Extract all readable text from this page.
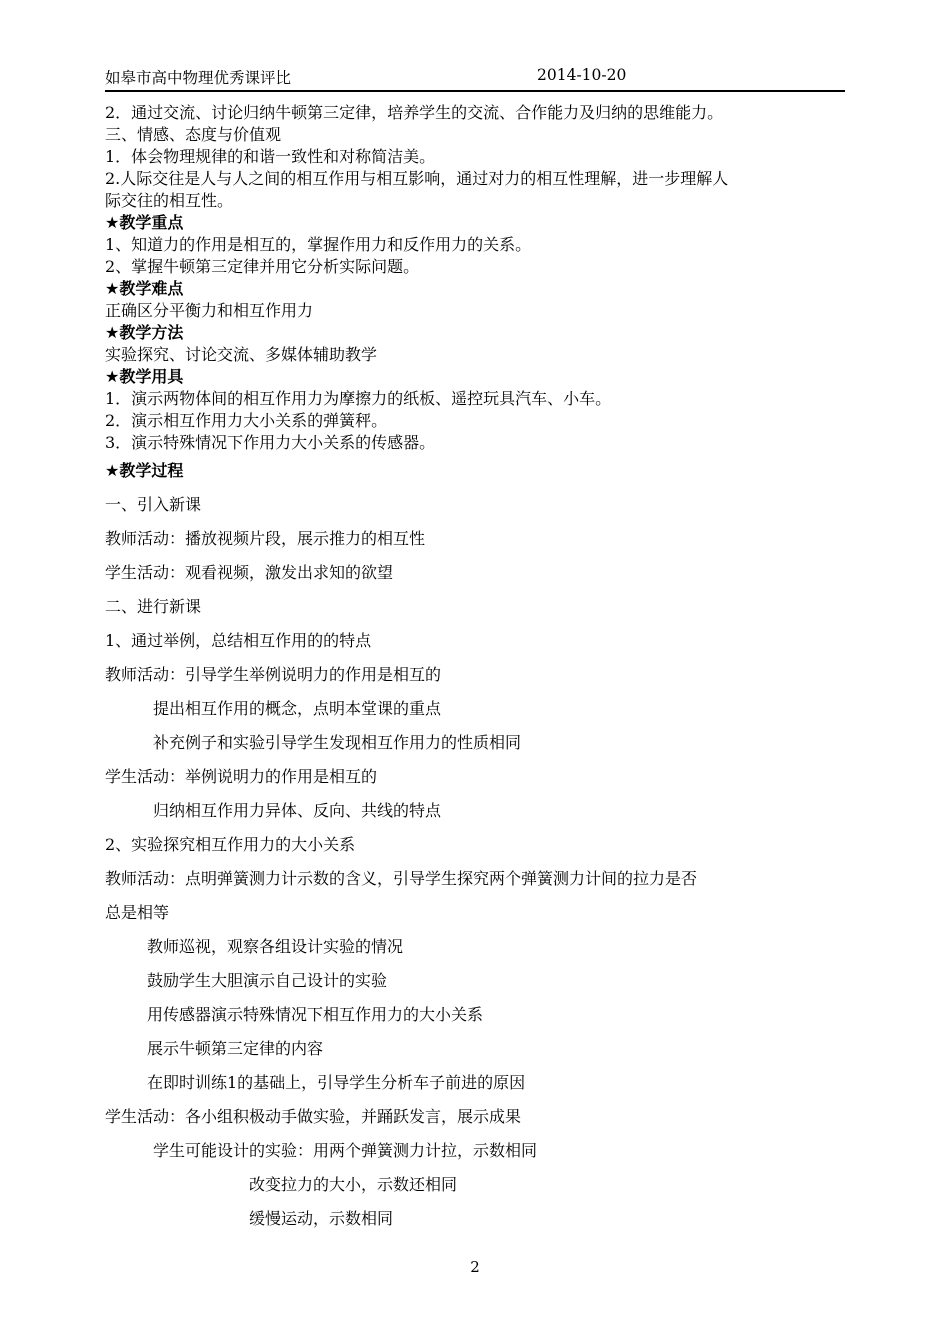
如皋市高中物理优秀课评比	2014-10-20
2．通过交流、讨论归纳牛顿第三定律，培养学生的交流、合作能力及归纳的思维能力。
三、情感、态度与价值观
1．体会物理规律的和谐一致性和对称简洁美。
2.人际交往是人与人之间的相互作用与相互影响，通过对力的相互性理解，进一步理解人
际交往的相互性。
★教学重点
1、知道力的作用是相互的，掌握作用力和反作用力的关系。
2、掌握牛顿第三定律并用它分析实际问题。
★教学难点
正确区分平衡力和相互作用力
★教学方法
实验探究、讨论交流、多媒体辅助教学
★教学用具
1．演示两物体间的相互作用力为摩擦力的纸板、遥控玩具汽车、小车。
2．演示相互作用力大小关系的弹簧秤。
3．演示特殊情况下作用力大小关系的传感器。
★教学过程
一、引入新课
教师活动：播放视频片段，展示推力的相互性
学生活动：观看视频，激发出求知的欲望
二、进行新课
1、通过举例，总结相互作用的的特点
教师活动：引导学生举例说明力的作用是相互的
提出相互作用的概念，点明本堂课的重点
补充例子和实验引导学生发现相互作用力的性质相同
学生活动：举例说明力的作用是相互的
归纳相互作用力异体、反向、共线的特点
2、实验探究相互作用力的大小关系
教师活动：点明弹簧测力计示数的含义，引导学生探究两个弹簧测力计间的拉力是否
总是相等
教师巡视，观察各组设计实验的情况
鼓励学生大胆演示自己设计的实验
用传感器演示特殊情况下相互作用力的大小关系
展示牛顿第三定律的内容
在即时训练1的基础上，引导学生分析车子前进的原因
学生活动：各小组积极动手做实验，并踊跃发言，展示成果
学生可能设计的实验：用两个弹簧测力计拉，示数相同
改变拉力的大小，示数还相同
缓慢运动，示数相同
2
